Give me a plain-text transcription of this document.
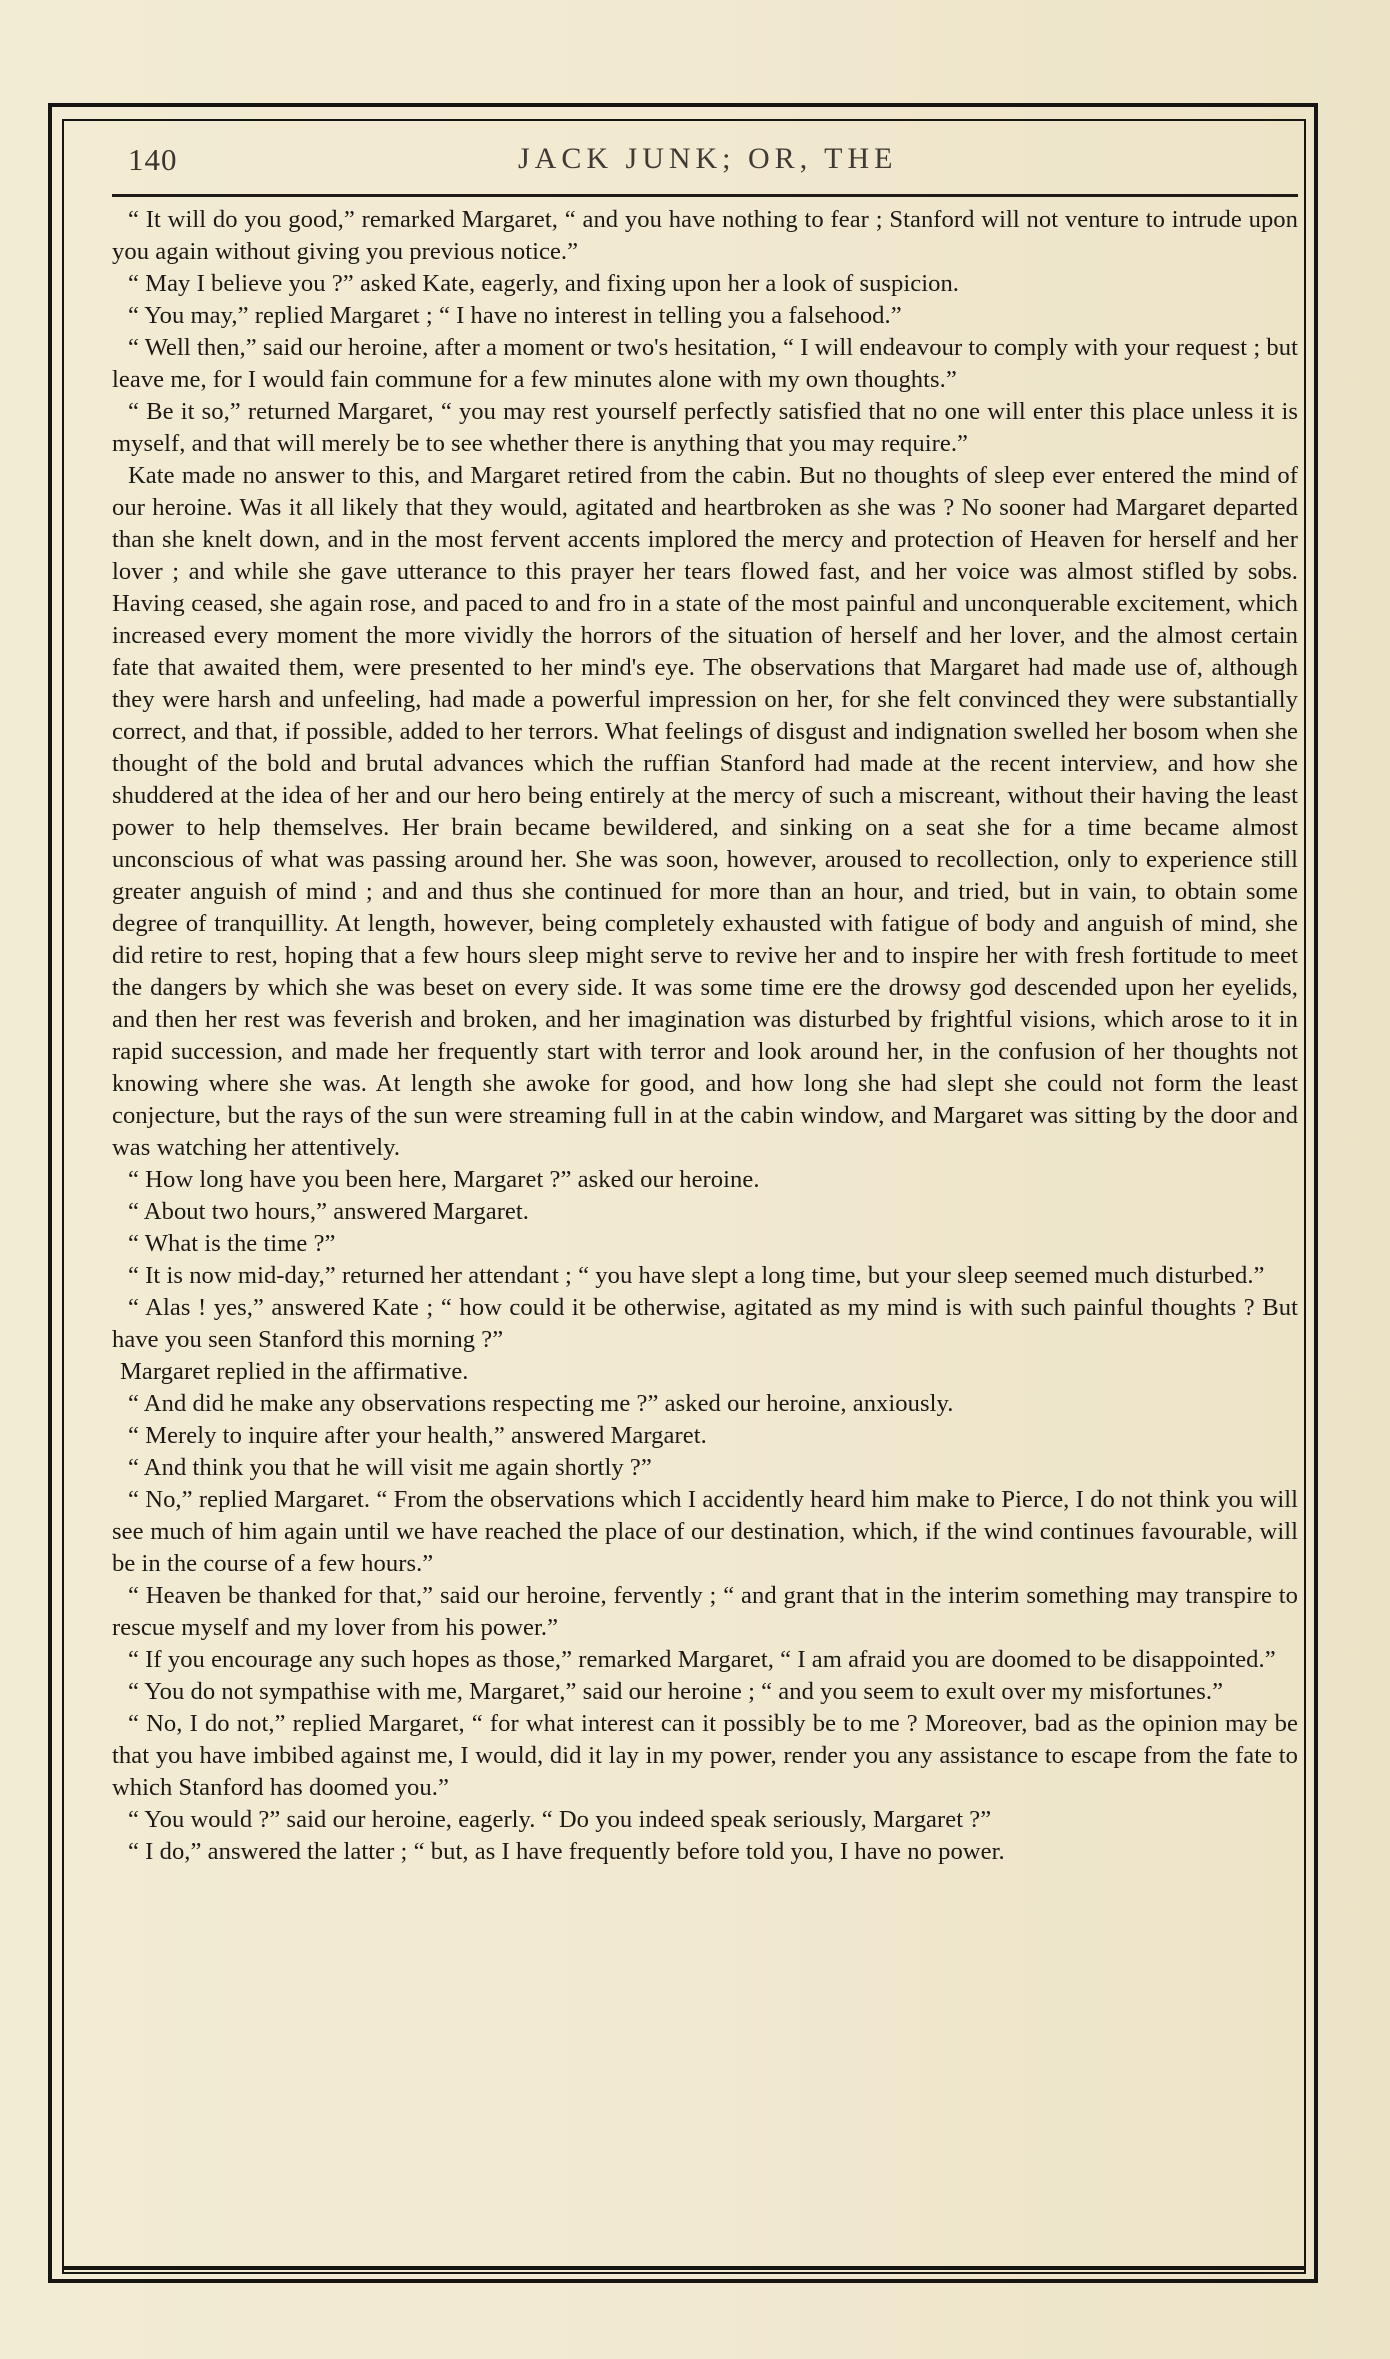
140	JACK JUNK; OR, THE

“ It will do you good,” remarked Margaret, “ and you have nothing to fear ; Stanford will not venture to intrude upon you again without giving you previous notice.”

“ May I believe you ?” asked Kate, eagerly, and fixing upon her a look of suspicion.

“ You may,” replied Margaret ; “ I have no interest in telling you a falsehood.”

“ Well then,” said our heroine, after a moment or two's hesitation, “ I will endeavour to comply with your request ; but leave me, for I would fain commune for a few minutes alone with my own thoughts.”

“ Be it so,” returned Margaret, “ you may rest yourself perfectly satisfied that no one will enter this place unless it is myself, and that will merely be to see whether there is anything that you may require.”

Kate made no answer to this, and Margaret retired from the cabin. But no thoughts of sleep ever entered the mind of our heroine. Was it all likely that they would, agitated and heartbroken as she was ? No sooner had Margaret departed than she knelt down, and in the most fervent accents implored the mercy and protection of Heaven for herself and her lover ; and while she gave utterance to this prayer her tears flowed fast, and her voice was almost stifled by sobs. Having ceased, she again rose, and paced to and fro in a state of the most painful and unconquerable excitement, which increased every moment the more vividly the horrors of the situation of herself and her lover, and the almost certain fate that awaited them, were presented to her mind's eye. The observations that Margaret had made use of, although they were harsh and unfeeling, had made a powerful impression on her, for she felt convinced they were substantially correct, and that, if possible, added to her terrors. What feelings of disgust and indignation swelled her bosom when she thought of the bold and brutal advances which the ruffian Stanford had made at the recent interview, and how she shuddered at the idea of her and our hero being entirely at the mercy of such a miscreant, without their having the least power to help themselves. Her brain became bewildered, and sinking on a seat she for a time became almost unconscious of what was passing around her. She was soon, however, aroused to recollection, only to experience still greater anguish of mind ; and and thus she continued for more than an hour, and tried, but in vain, to obtain some degree of tranquillity. At length, however, being completely exhausted with fatigue of body and anguish of mind, she did retire to rest, hoping that a few hours sleep might serve to revive her and to inspire her with fresh fortitude to meet the dangers by which she was beset on every side. It was some time ere the drowsy god descended upon her eyelids, and then her rest was feverish and broken, and her imagination was disturbed by frightful visions, which arose to it in rapid succession, and made her frequently start with terror and look around her, in the confusion of her thoughts not knowing where she was. At length she awoke for good, and how long she had slept she could not form the least conjecture, but the rays of the sun were streaming full in at the cabin window, and Margaret was sitting by the door and was watching her attentively.

“ How long have you been here, Margaret ?” asked our heroine.

“ About two hours,” answered Margaret.

“ What is the time ?”

“ It is now mid-day,” returned her attendant ; “ you have slept a long time, but your sleep seemed much disturbed.”

“ Alas ! yes,” answered Kate ; “ how could it be otherwise, agitated as my mind is with such painful thoughts ? But have you seen Stanford this morning ?”

Margaret replied in the affirmative.

“ And did he make any observations respecting me ?” asked our heroine, anxiously.

“ Merely to inquire after your health,” answered Margaret.

“ And think you that he will visit me again shortly ?”

“ No,” replied Margaret. “ From the observations which I accidently heard him make to Pierce, I do not think you will see much of him again until we have reached the place of our destination, which, if the wind continues favourable, will be in the course of a few hours.”

“ Heaven be thanked for that,” said our heroine, fervently ; “ and grant that in the interim something may transpire to rescue myself and my lover from his power.”

“ If you encourage any such hopes as those,” remarked Margaret, “ I am afraid you are doomed to be disappointed.”

“ You do not sympathise with me, Margaret,” said our heroine ; “ and you seem to exult over my misfortunes.”

“ No, I do not,” replied Margaret, “ for what interest can it possibly be to me ? Moreover, bad as the opinion may be that you have imbibed against me, I would, did it lay in my power, render you any assistance to escape from the fate to which Stanford has doomed you.”

“ You would ?” said our heroine, eagerly. “ Do you indeed speak seriously, Margaret ?”

“ I do,” answered the latter ; “ but, as I have frequently before told you, I have no power.
